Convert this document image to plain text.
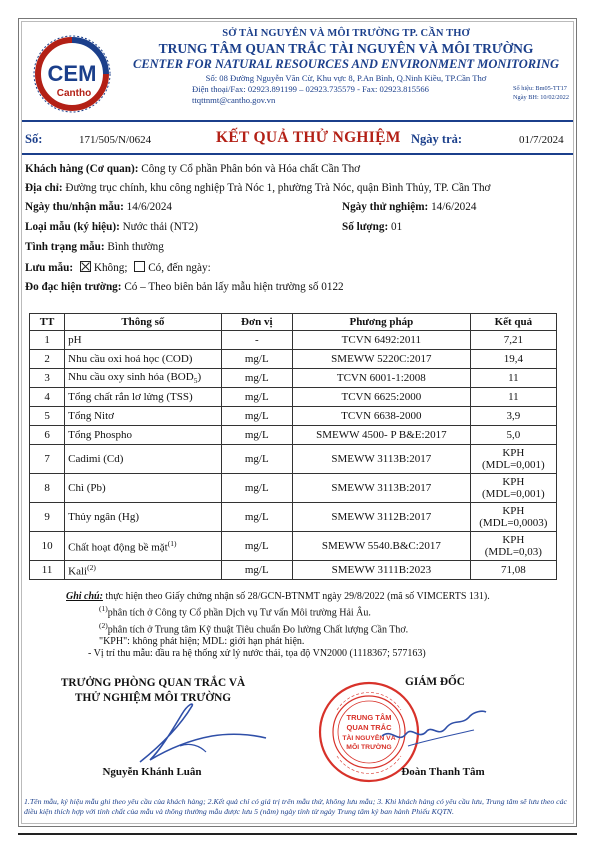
CEM
Cantho
SỞ TÀI NGUYÊN VÀ MÔI TRƯỜNG TP. CẦN THƠ
TRUNG TÂM QUAN TRẮC TÀI NGUYÊN VÀ MÔI TRƯỜNG
CENTER FOR NATURAL RESOURCES AND ENVIRONMENT MONITORING
Số: 08 Đường Nguyễn Văn Cừ, Khu vực 8, P.An Bình, Q.Ninh Kiều, TP.Cần Thơ
Điện thoại/Fax: 02923.891199 – 02923.735579 - Fax: 02923.815566
ttqttnmt@cantho.gov.vn
Số hiệu: Bm05-TT17
Ngày BH: 10/02/2022
Số:	171/505/N/0624	KẾT QUẢ THỬ NGHIỆM Ngày trả:	01/7/2024
Khách hàng (Cơ quan): Công ty Cổ phần Phân bón và Hóa chất Cần Thơ
Địa chỉ: Đường trục chính, khu công nghiệp Trà Nóc 1, phường Trà Nóc, quận Bình Thủy, TP. Cần Thơ
Ngày thu/nhận mẫu: 14/6/2024	Ngày thử nghiệm: 14/6/2024
Loại mẫu (ký hiệu): Nước thải (NT2)	Số lượng: 01
Tình trạng mẫu: Bình thường
Lưu mẫu: Không; Có, đến ngày:
Đo đạc hiện trường: Có – Theo biên bản lấy mẫu hiện trường số 0122
TT	Thông số	Đơn vị	Phương pháp	Kết quả
1	pH	-	TCVN 6492:2011	7,21

2	Nhu cầu oxi hoá học (COD)	mg/L	SMEWW 5220C:2017	19,4

3	Nhu cầu oxy sinh hóa $(BOD_5)$	mg/L	TCVN 6001-1:2008	11

4	Tổng chất rắn lơ lửng (TSS)	mg/L	TCVN 6625:2000	11

5	Tổng Nitơ	mg/L	TCVN 6638-2000	3,9

6	Tổng Phospho	mg/L	SMEWW 4500- P B&E:2017	5,0

7	Cadimi (Cd)	mg/L	SMEWW 3113B:2017	KPH
(MDL=0,001)

8	Chì (Pb)	mg/L	SMEWW 3113B:2017	KPH
(MDL=0,001)

9	Thủy ngân (Hg)	mg/L	SMEWW 3112B:2017	KPH
(MDL=0,0003)

10	Chất hoạt động bề mặt$^{(1)}$	mg/L	SMEWW 5540.B&C:2017	KPH
(MDL=0,03)

11	Kali$^{(2)}$	mg/L	SMEWW 3111B:2023	71,08
Ghi chú: thực hiện theo Giấy chứng nhận số 28/GCN-BTNMT ngày 29/8/2022 (mã số VIMCERTS 131).
$^{(1)}$phân tích ở Công ty Cổ phần Dịch vụ Tư vấn Môi trường Hải Âu.
$^{(2)}$phân tích ở Trung tâm Kỹ thuật Tiêu chuẩn Đo lường Chất lượng Cần Thơ.
"KPH": không phát hiện; MDL: giới hạn phát hiện.
- Vị trí thu mẫu: đầu ra hệ thống xử lý nước thải, tọa độ VN2000 (1118367; 577163)
TRƯỞNG PHÒNG QUAN TRẮC VÀ
THỬ NGHIỆM MÔI TRƯỜNG
GIÁM ĐỐC
TRUNG TÂM
QUAN TRẮC
TÀI NGUYÊN VÀ
MÔI TRƯỜNG
Nguyễn Khánh Luân	Đoàn Thanh Tâm
1.Tên mẫu, ký hiệu mẫu ghi theo yêu cầu của khách hàng; 2.Kết quả chỉ có giá trị trên mẫu thử, không lưu mẫu; 3. Khi khách hàng có yêu cầu lưu, Trung tâm sẽ lưu theo các điều kiện thích hợp với tính chất của mẫu và thông thường mẫu được lưu 5 (năm) ngày tính từ ngày Trung tâm ký ban hành Phiếu KQTN.
